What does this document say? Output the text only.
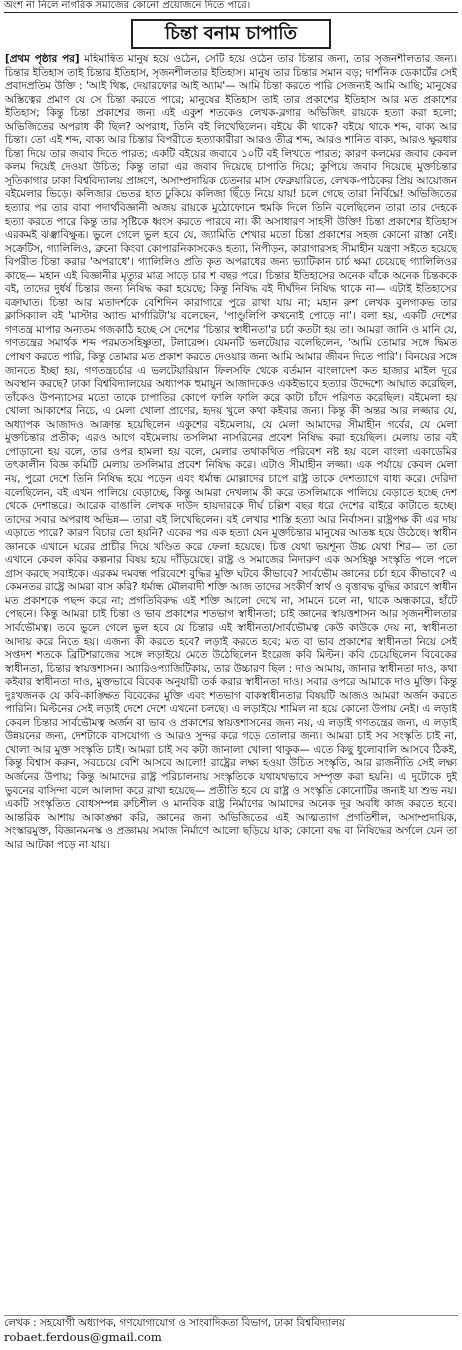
অংশ না নিলে নাগরিক সমাজের কোনো প্রয়োজনে দিতে পারে।
চিন্তা বনাম চাপাতি

[প্রথম পৃষ্ঠার পর] মহিমান্বিত মানুষ হয়ে ওঠেন, সেটি হয়ে ওঠেন তার চিন্তার জন্য, তার সৃজনশীলতার জন্য। চিন্তার ইতিহাস তাই চিন্তার ইতিহাস, সৃজনশীলতার ইতিহাস। মানুষ তার চিন্তার সমান বড়; দার্শনিক ডেকার্টের সেই প্রবাদপ্রতিম উক্তি : 'আই থিঙ্ক, দেয়ারফোর আই অ্যাম'— আমি চিন্তা করতে পারি সেজন্যই আমি আছি; মানুষের অস্তিত্বের প্রমাণ যে সে চিন্তা করতে পারে; মানুষের ইতিহাস তাই তার প্রকাশের ইতিহাস আর মত প্রকাশের ইতিহাস; কিন্তু চিন্তা প্রকাশের জন্য এই একুশ শতকেও লেখক-ব্লগার অভিজিৎ রায়কে হত্যা করা হলো; অভিজিতের অপরাধ কী ছিল? অপরাধ, তিনি বই লিখেছিলেন। বইয়ে কী থাকে? বইয়ে থাকে শব্দ, বাক্য আর চিন্তা। তো এই শব্দ, বাক্য আর চিন্তার বিপরীতে হত্যাকারীরা আরও তীব্র শব্দ, আরও শানিত বাক্য, আরও ক্ষুরধার চিন্তা দিয়ে তার জবাব দিতে পারত; একটি বইয়ের জবাবে ১০টি বই লিখতে পারত; কারণ কলমের জবাব কেবল কলম দিয়েই দেওয়া উচিত; কিন্তু তারা এর জবাব দিয়েছে চাপাতি দিয়ে; কুপিয়ে জবাব দিয়েছে মুক্তচিন্তার সূতিকাগার ঢাকা বিশ্ববিদ্যালয় প্রাঙ্গণে, অসাম্প্রদায়িক চেতনার মাস ফেব্রুয়ারিতে, লেখক-পাঠকের প্রিয় আয়োজন বইমেলার ভিড়ে। কলিজার ভেতর হাত ঢুকিয়ে কলিজা ছিঁড়ে নিয়ে যায়! চলে গেছে তারা নির্বিঘ্নে! অভিজিতের হত্যার পর তার বাবা পদার্থবিজ্ঞানী অজয় রায়কে মুঠোফোনে হুমকি দিলে তিনি বলেছিলেন তারা তার দেহকে হত্যা করতে পারে কিন্তু তার সৃষ্টিকে ধ্বংস করতে পারবে না। কী অসাধারণ সাহসী উক্তি! চিন্তা প্রকাশের ইতিহাস এরকমই ঝঞ্ঝাবিক্ষুব্ধ। ভুলে গেলে ভুল হবে যে, জ্যামিতি শেখার মতো চিন্তা প্রকাশের সহজ কোনো রাস্তা নেই। সক্রেটিস, গ্যালিলিও, ব্রুনো কিংবা কোপারনিকাসকেও হত্যা, নিপীড়ন, কারাগারসহ সীমাহীন যন্ত্রণা সইতে হয়েছে বিপরীত চিন্তা করার 'অপরাধে'। গ্যালিলিও প্রতি কৃত অপরাধের জন্য ভ্যাটিকান চার্চ ক্ষমা চেয়েছে গ্যালিলিওর কাছে— মহান এই বিজ্ঞানীর মৃত্যুর মাত্র সাড়ে চার শ বছর পরে। চিন্তার ইতিহাসের অনেক বাঁকে অনেক চিন্তককে বই, তাদের দুর্ধর্ষ চিন্তার জন্য নিষিদ্ধ করা হয়েছে; কিন্তু নিষিদ্ধ বই দীর্ঘদিন নিষিদ্ধ থাকে না— এটাই ইতিহাসের বক্রাঘাত। চিন্তা আর মতাদর্শকে বেশিদিন কারাগারে পুরে রাখা যায় না; মহান রুশ লেখক বুলগাকভ তার ক্লাসিক্যাল বই 'মাস্টার অ্যান্ড মার্গারিটা'য় বলেছেন, 'পাণ্ডুলিপি কখনোই পোড়ে না'। বলা হয়, একটি দেশের গণতন্ত্র মাপার অন্যতম গজকাঠি হচ্ছে সে দেশের 'চিন্তার স্বাধীনতা'র চর্চা কতটা হয় তা। আমরা জানি ও মানি যে, গণতন্ত্রের সমার্থক শব্দ পরমতসহিষ্ণুতা, টলারেন্স। যেমনটি ভলটেয়ার বলেছিলেন, 'আমি তোমার সঙ্গে দ্বিমত পোষণ করতে পারি, কিন্তু তোমার মত প্রকাশ করতে দেওয়ার জন্য আমি আমার জীবন দিতে পারি'। বিনয়ের সঙ্গে জানতে ইচ্ছা হয়, গণতন্ত্রচর্চার এ ভলটেয়ারিয়ান ফিলসফি থেকে বর্তমান বাংলাদেশ কত হাজার মাইল দূরে অবস্থান করছে? ঢাকা বিশ্ববিদ্যালয়ের অধ্যাপক হুমায়ুন আজাদকেও একইভাবে হত্যার উদ্দেশ্যে আঘাত করেছিল, তাঁকেও উপন্যাসের মতো তাকে চাপাতির কোপে ফালি ফালি করে কাটা চাঁদে পরিণত করেছিল। বইমেলা হয় খোলা আকাশের নিচে, এ মেলা খোলা প্রাণের, হৃদয় খুলে কথা কইবার জন্য। কিন্তু কী অন্তর আর লজ্জার যে, অধ্যাপক আজাদও আক্রান্ত হয়েছিলেন একুশের বইমেলায়, যে মেলা আমাদের সীমাহীন গর্বের, যে মেলা মুক্তচিন্তার প্রতীক; এরও আগে বইমেলায় তসলিমা নাসরিনের প্রবেশ নিষিদ্ধ করা হয়েছিল। মেলায় তার বই পোড়ানো হয় বলে, তার ওপর হামলা হয় বলে, মেলার তথাকথিত পরিবেশ নষ্ট হয় বলে বাংলা একাডেমির তৎকালীন বিজ্ঞ কমিটি মেলায় তসলিমার প্রবেশ নিষিদ্ধ করে। এটাও সীমাহীন লজ্জা। এক পর্যায়ে কেবল মেলা নয়, পুরো দেশে তিনি নিষিদ্ধ হয়ে পড়েন এবং ধর্মান্ধ মোল্লাদের চাপে রাষ্ট্র তাকে দেশত্যাগে বাধ্য করে। দেরিদা বলেছিলেন, বই এখন পালিয়ে বেড়াচ্ছে, কিন্তু আমরা দেখলাম কী করে তসলিমাকে পালিয়ে বেড়াতে হচ্ছে দেশ থেকে দেশান্তরে। আরেক বাঙালি লেখক দাউদ হায়দারকে দীর্ঘ চল্লিশ বছর ধরে দেশের বাইরে কাটাতে হচ্ছে। তাদের সবার অপরাধ অভিন্ন— তারা বই লিখেছিলেন। বই লেখার শাস্তি হত্যা আর নির্বাসন। রাষ্ট্রপক্ষ কী এর দায় এড়াতে পারে? কারণ বিচার তো হয়নি? একের পর এক হত্যা যেন মুক্তচিন্তার মানুষের আতঙ্ক হয়ে উঠেছে। স্বাধীন জ্ঞানকে এখানে ঘরের প্রাচীর দিয়ে খণ্ডিত করে ফেলা হয়েছে। চিত্ত যেথা ভয়শূন্য উচ্চ যেথা শির— তা তো এখানে কেবল কবির কল্পনার বিষয় হয়ে দাঁড়িয়েছে। রাষ্ট্র ও সমাজের নিদারুণ এক অসহিষ্ণু সংস্কৃতি পলে পলে গ্রাস করছে সবাইকে। এরকম দমবন্ধ পরিবেশে বুদ্ধির মুক্তি ঘটবে কীভাবে? সার্বভৌম জ্ঞানের চর্চা হবে কীভাবে? এ কেমনতর রাষ্ট্রে আমরা বাস করি? ধর্মান্ধ মৌলবাদী শক্তি আজ তাদের সংকীর্ণ স্বার্থ ও বৃত্তাবদ্ধ বুদ্ধির কারণে স্বাধীন মত প্রকাশকে পছন্দ করে না; প্রগতিবিরুদ্ধ এই শক্তি আলো দেখে না, সামনে চলে না, থাকে অন্ধকারে, হাঁটে পেছনে। কিন্তু আমরা চাই চিন্তা ও ভাব প্রকাশের শতভাগ স্বাধীনতা; চাই জ্ঞানের স্বায়ত্তশাসন আর সৃজনশীলতার সার্বভৌমত্ব। তবে ভুলে গেলে ভুল হবে যে চিন্তার এই স্বাধীনতা/সার্বভৌমত্ব কেউ কাউকে দেয় না, স্বাধীনতা আদায় করে নিতে হয়। এজন্য কী করতে হবে? লড়াই করতে হবে; মত বা ভাব প্রকাশের স্বাধীনতা নিয়ে সেই সপ্তদশ শতকে ব্রিটিশরাজের সঙ্গে লড়াইয়ে মেতে উঠেছিলেন ইংরেজ কবি মিল্টন। কবি চেয়েছিলেন বিবেকের স্বাধীনতা, চিন্তার স্বায়ত্তশাসন। অ্যারিওপ্যাজিটিকায়, তার উচ্চারণ ছিল : দাও আমায়, জানার স্বাধীনতা দাও, কথা কইবার স্বাধীনতা দাও, মুক্তভাবে বিবেক অনুযায়ী তর্ক করার স্বাধীনতা দাও। সবার ওপরে আমাকে দাও মুক্তি। কিন্তু দুঃখজনক যে কবি-কাঙ্ক্ষিত বিবেকের মুক্তি এবং শতভাগ বাকস্বাধীনতার বিষয়টি আজও আমরা অর্জন করতে পারিনি। মিল্টনের সেই লড়াই দেশে দেশে এখনো চলছে। এ লড়াইয়ে শামিল না হয়ে কোনো উপায় নেই। এ লড়াই কেবল চিন্তার সার্বভৌমত্ব অর্জন বা ভাব ও প্রকাশের স্বায়ত্তশাসনের জন্য নয়, এ লড়াই গণতন্ত্রের জন্য, এ লড়াই উন্নয়নের জন্য, দেশটাকে বাসযোগ্য ও আরও সুন্দর করে গড়ে তোলার জন্য। আমরা চাই সব সংস্কৃতি চাই না, খোলা আর মুক্ত সংস্কৃতি চাই। আমরা চাই সব কটা জানালা খোলা থাকুক— এতে কিছু ধুলোবালি আসবে ঠিকই, কিন্তু বিশ্বাস করুন, সবচেয়ে বেশি আসবে আলো! রাষ্ট্রের লক্ষ্য হওয়া উচিত সংস্কৃতি, আর রাজনীতি সেই লক্ষ্য অর্জনের উপায়; কিন্তু আমাদের রাষ্ট্র পরিচালনায় সংস্কৃতিকে যথাযথভাবে সম্পৃক্ত করা হয়নি। এ দুটোকে দুই ভুবনের বাসিন্দা বলে আলাদা করে রাখা হয়েছে— প্রতীতি হবে যে রাষ্ট্র ও সংস্কৃতি কোনোটির জন্যই যা শুভ নয়। একটি সংস্কৃতিত বোধসম্পন্ন রুচিশীল ও মানবিক রাষ্ট্র নির্মাণের আমাদের অনেক দূর অবধি কাজ করতে হবে। আন্তরিক আশায় আকাঙ্ক্ষা করি, জ্ঞানের জন্য অভিজিতের এই আত্মত্যাগ প্রগতিশীল, অসাম্প্রদায়িক, সংস্কারমুক্ত, বিজ্ঞানমনস্ক ও প্রজ্ঞাময় সমাজ নির্মাণে আলো ছড়িয়ে যাক; কোনো বদ্ধ বা নিষিদ্ধের অর্গলে যেন তা আর আটকা পড়ে না যায়।

লেখক : সহযোগী অধ্যাপক, গণযোগাযোগ ও সাংবাদিকতা বিভাগ, ঢাকা বিশ্ববিদ্যালয়
robaet.ferdous@gmail.com
